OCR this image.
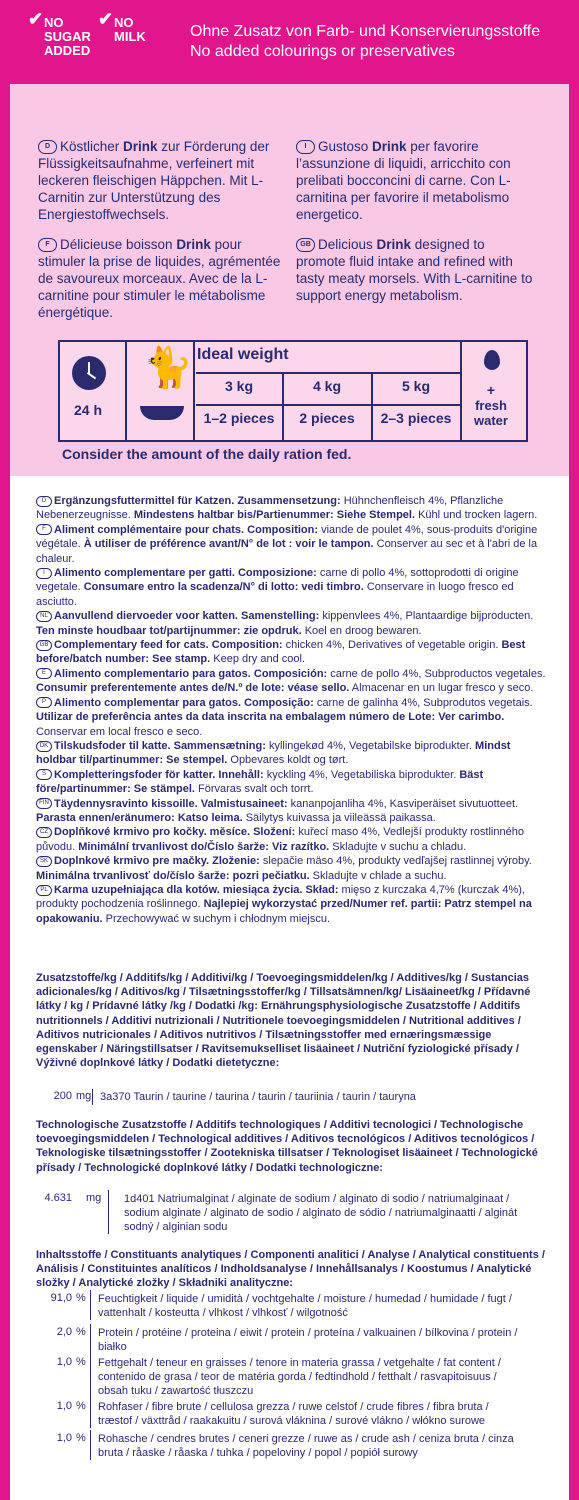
✔ NO
SUGAR
ADDED
✔ NO
MILK	Ohne Zusatz von Farb- und Konservierungsstoffe
No added colourings or preservatives
D Köstlicher Drink zur Förderung der Flüssigkeitsaufnahme, verfeinert mit leckeren fleischigen Häppchen. Mit L-Carnitin zur Unterstützung des Energiestoffwechsels.
F Délicieuse boisson Drink pour stimuler la prise de liquides, agrémentée de savoureux morceaux. Avec de la L-carnitine pour stimuler le métabolisme énergétique.
I Gustoso Drink per favorire l’assunzione di liquidi, arricchito con prelibati bocconcini di carne. Con L-carnitina per favorire il metabolismo energetico.
GB Delicious Drink designed to promote fluid intake and refined with tasty meaty morsels. With L-carnitine to support energy metabolism.
24 h
🐈 Ideal weight
3 kg	4 kg	5 kg
1–2 pieces	2 pieces	2–3 pieces
+
fresh water
Consider the amount of the daily ration fed.
D Ergänzungsfuttermittel für Katzen. Zusammensetzung: Hühnchenfleisch 4%, Pflanzliche Nebenerzeugnisse. Mindestens haltbar bis/Partienummer: Siehe Stempel. Kühl und trocken lagern.
F Aliment complémentaire pour chats. Composition: viande de poulet 4%, sous-produits d'origine végétale. À utiliser de préférence avant/N° de lot : voir le tampon. Conserver au sec et à l'abri de la chaleur.
I Alimento complementare per gatti. Composizione: carne di pollo 4%, sottoprodotti di origine vegetale. Consumare entro la scadenza/N° di lotto: vedi timbro. Conservare in luogo fresco ed asciutto.
NL Aanvullend diervoeder voor katten. Samenstelling: kippenvlees 4%, Plantaardige bijproducten. Ten minste houdbaar tot/partijnummer: zie opdruk. Koel en droog bewaren.
GB Complementary feed for cats. Composition: chicken 4%, Derivatives of vegetable origin. Best before/batch number: See stamp. Keep dry and cool.
E Alimento complementario para gatos. Composición: carne de pollo 4%, Subproductos vegetales. Consumir preferentemente antes de/N.º de lote: véase sello. Almacenar en un lugar fresco y seco.
P Alimento complementar para gatos. Composição: carne de galinha 4%, Subprodutos vegetais. Utilizar de preferência antes da data inscrita na embalagem número de Lote: Ver carimbo. Conservar em local fresco e seco.
DK Tilskudsfoder til katte. Sammensætning: kyllingekød 4%, Vegetabilske biprodukter. Mindst holdbar til/partinummer: Se stempel. Opbevares koldt og tørt.
S Kompletteringsfoder för katter. Innehåll: kyckling 4%, Vegetabiliska biprodukter. Bäst före/partinummer: Se stämpel. Förvaras svalt och torrt.
FIN Täydennysravinto kissoille. Valmistusaineet: kananpojanliha 4%, Kasviperäiset sivutuotteet. Parasta ennen/eränumero: Katso leima. Säilytys kuivassa ja viileässä paikassa.
CZ Doplňkové krmivo pro kočky. měsíce. Složení: kuřecí maso 4%, Vedlejší produkty rostlinného původu. Minimální trvanlivost do/Číslo šarže: Viz razítko. Skladujte v suchu a chladu.
SK Doplnkové krmivo pre mačky. Zloženie: slepačie mäso 4%, produkty vedľajšej rastlinnej výroby. Minimálna trvanlivosť do/číslo šarže: pozri pečiatku. Skladujte v chlade a suchu.
PL Karma uzupełniająca dla kotów. miesiąca życia. Skład: mięso z kurczaka 4,7% (kurczak 4%), produkty pochodzenia roślinnego. Najlepiej wykorzystać przed/Numer ref. partii: Patrz stempel na opakowaniu. Przechowywać w suchym i chłodnym miejscu.
Zusatzstoffe/kg / Additifs/kg / Additivi/kg / Toevoegingsmiddelen/kg / Additives/kg / Sustancias adicionales/kg / Aditivos/kg / Tilsætningsstoffer/kg / Tillsatsämnen/kg/ Lisäaineet/kg / Přídavné látky / kg / Prídavné látky /kg / Dodatki /kg: Ernährungsphysiologische Zusatzstoffe / Additifs nutritionnels / Additivi nutrizionali / Nutritionele toevoegingsmiddelen / Nutritional additives / Aditivos nutricionales / Aditivos nutritivos / Tilsætningsstoffer med ernæringsmæssige egenskaber / Näringstillsatser / Ravitsemukselliset lisäaineet / Nutriční fyziologické přísady / Výživné doplnkové látky / Dodatki dietetyczne:
200 mg 3a370 Taurin / taurine / taurina / taurin / tauriinia / taurin / tauryna
Technologische Zusatzstoffe / Additifs technologiques / Additivi tecnologici / Technologische toevoegingsmiddelen / Technological additives / Aditivos tecnológicos / Aditivos tecnológicos / Teknologiske tilsætningsstoffer / Zootekniska tillsatser / Teknologiset lisäaineet / Technologické přísady / Technologické doplnkové látky / Dodatki technologiczne:
4.631 mg 1d401 Natriumalginat / alginate de sodium / alginato di sodio / natriumalginaat / sodium alginate / alginato de sodio / alginato de sódio / natriumalginaatti / alginát sodný / alginian sodu
Inhaltsstoffe / Constituants analytiques / Componenti analitici / Analyse / Analytical constituents / Análisis / Constituintes analíticos / Indholdsanalyse / Innehållsanalys / Koostumus / Analytické složky / Analytické zložky / Składniki analityczne:
91,0 % Feuchtigkeit / liquide / umidità / vochtgehalte / moisture / humedad / humidade / fugt / vattenhalt / kosteutta / vlhkost / vlhkosť / wilgotność
2,0 % Protein / protéine / proteina / eiwit / protein / proteína / valkuainen / bílkovina / protein / białko
1,0 % Fettgehalt / teneur en graisses / tenore in materia grassa / vetgehalte / fat content / contenido de grasa / teor de matéria gorda / fedtindhold / fetthalt / rasvapitoisuus / obsah tuku / zawartość tłuszczu
1,0 % Rohfaser / fibre brute / cellulosa grezza / ruwe celstof / crude fibres / fibra bruta / træstof / växttråd / raakakuitu / surová vláknina / surové vlákno / włókno surowe
1,0 % Rohasche / cendres brutes / ceneri grezze / ruwe as / crude ash / ceniza bruta / cinza bruta / råaske / råaska / tuhka / popeloviny / popol / popiół surowy
